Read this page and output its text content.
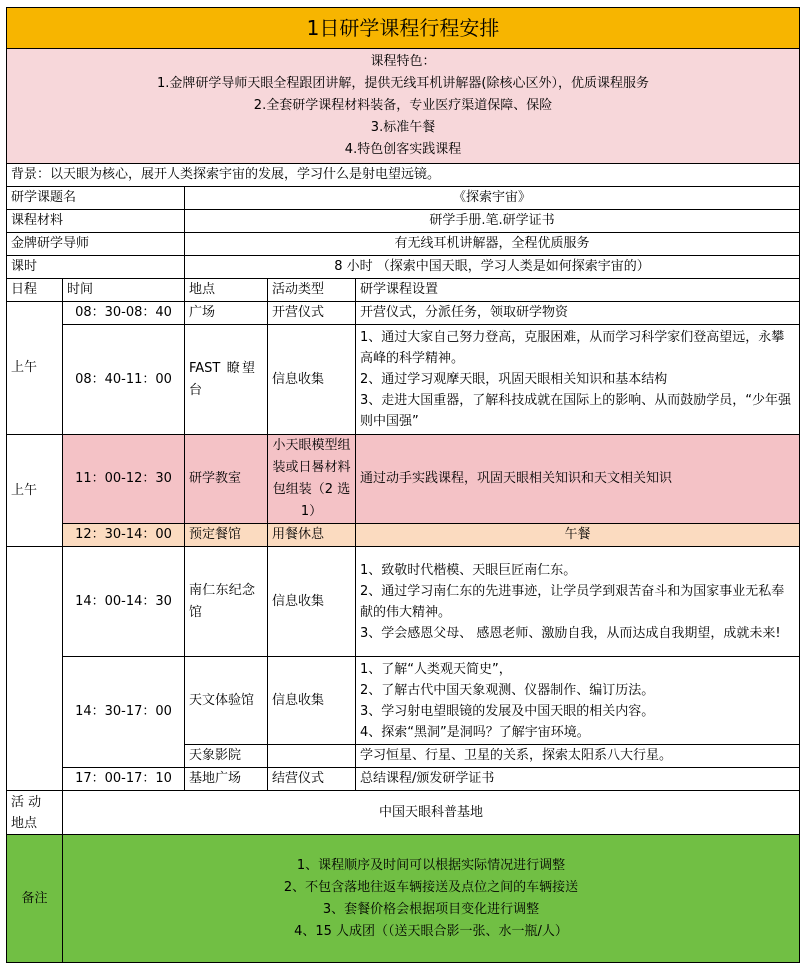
1日研学课程行程安排				

课程特色：
1.金牌研学导师天眼全程跟团讲解，提供无线耳机讲解器(除核心区外），优质课程服务
2.全套研学课程材料装备，专业医疗渠道保障、保险
3.标准午餐
4.特色创客实践课程				

背景：以天眼为核心，展开人类探索宇宙的发展，学习什么是射电望远镜。				
研学课题名		《探索宇宙》		
课程材料		研学手册.笔.研学证书		
金牌研学导师		有无线耳机讲解器，全程优质服务		
课时		8 小时 （探索中国天眼，学习人类是如何探索宇宙的）		
日程	时间	地点	活动类型	研学课程设置
上午	08：30-08：40	广场	开营仪式	开营仪式，分派任务，领取研学物资
	08：40-11：00	FAST 瞭望台	信息收集	1、通过大家自己努力登高，克服困难，从而学习科学家们登高望远，永攀高峰的科学精神。
2、通过学习观摩天眼，巩固天眼相关知识和基本结构
3、走进大国重器，了解科技成就在国际上的影响、从而鼓励学员，“少年强则中国强”

上午	11：00-12：30	研学教室	小天眼模型组装或日晷材料包组装（2 选 1）	通过动手实践课程，巩固天眼相关知识和天文相关知识
	12：30-14：00	预定餐馆	用餐休息	午餐
	14：00-14：30	南仁东纪念馆	信息收集	1、致敬时代楷模、天眼巨匠南仁东。
2、通过学习南仁东的先进事迹，让学员学到艰苦奋斗和为国家事业无私奉献的伟大精神。
3、学会感恩父母、 感恩老师、激励自我，从而达成自我期望，成就未来!

	14：30-17：00	天文体验馆	信息收集	1、了解“人类观天简史”，
2、了解古代中国天象观测、仪器制作、编订历法。
3、学习射电望眼镜的发展及中国天眼的相关内容。
4、探索“黑洞”是洞吗？了解宇宙环境。

		天象影院		学习恒星、行星、卫星的关系，探索太阳系八大行星。
	17：00-17：10	基地广场	结营仪式	总结课程/颁发研学证书
活 动
地点	中国天眼科普基地			
备注	1、课程顺序及时间可以根据实际情况进行调整
2、不包含落地往返车辆接送及点位之间的车辆接送
3、套餐价格会根据项目变化进行调整
4、15 人成团（（送天眼合影一张、水一瓶/人）			
